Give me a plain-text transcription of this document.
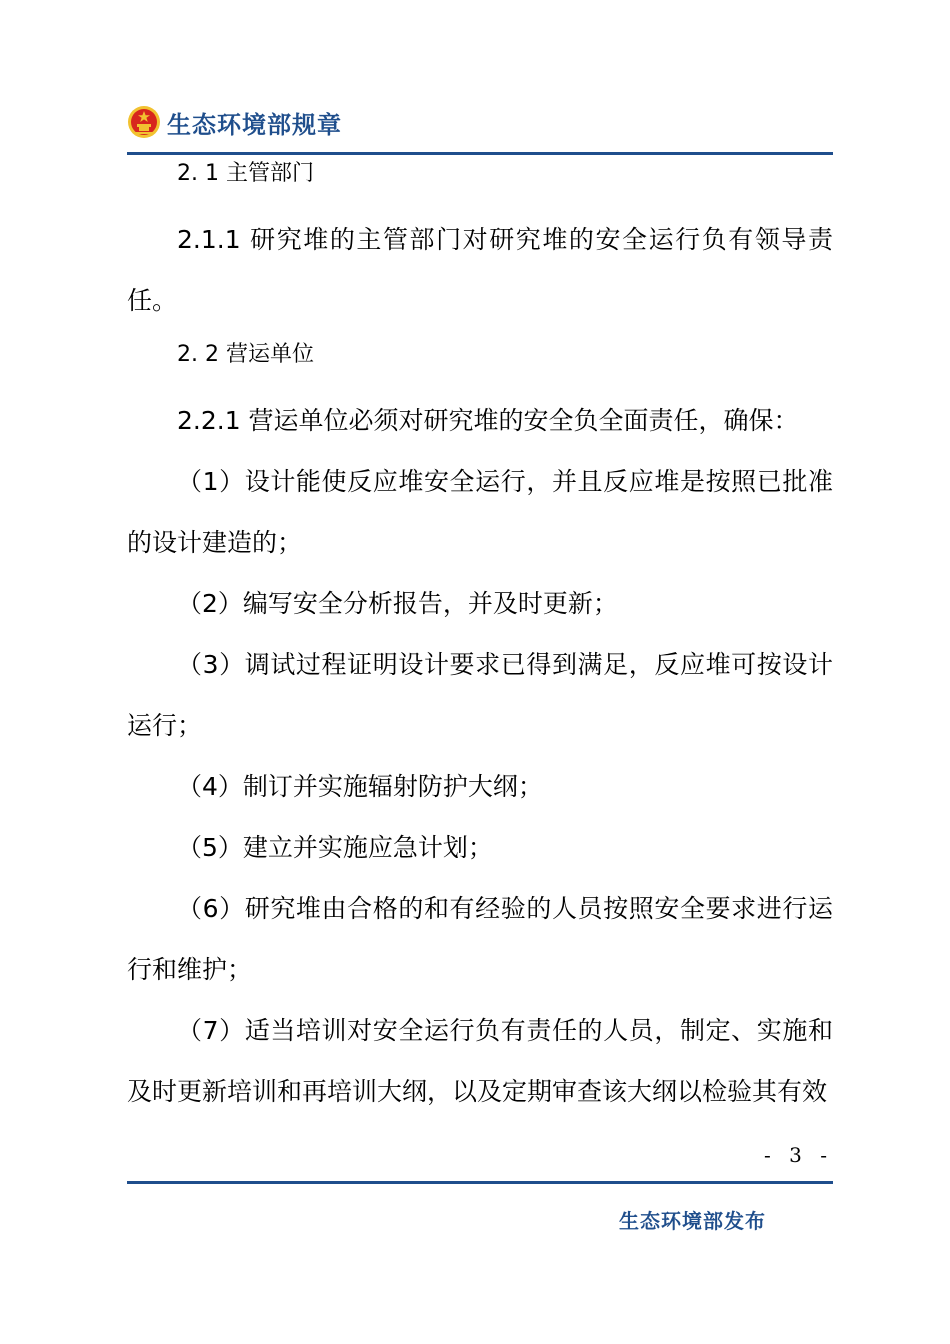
生态环境部规章

2. 1 主管部门

2.1.1 研究堆的主管部门对研究堆的安全运行负有领导责任。

2. 2 营运单位

2.2.1 营运单位必须对研究堆的安全负全面责任，确保：

（1）设计能使反应堆安全运行，并且反应堆是按照已批准的设计建造的；

（2）编写安全分析报告，并及时更新；

（3）调试过程证明设计要求已得到满足，反应堆可按设计运行；

（4）制订并实施辐射防护大纲；

（5）建立并实施应急计划；

（6）研究堆由合格的和有经验的人员按照安全要求进行运行和维护；

（7）适当培训对安全运行负有责任的人员，制定、实施和及时更新培训和再培训大纲，以及定期审查该大纲以检验其有效

- 3 -
生态环境部发布
